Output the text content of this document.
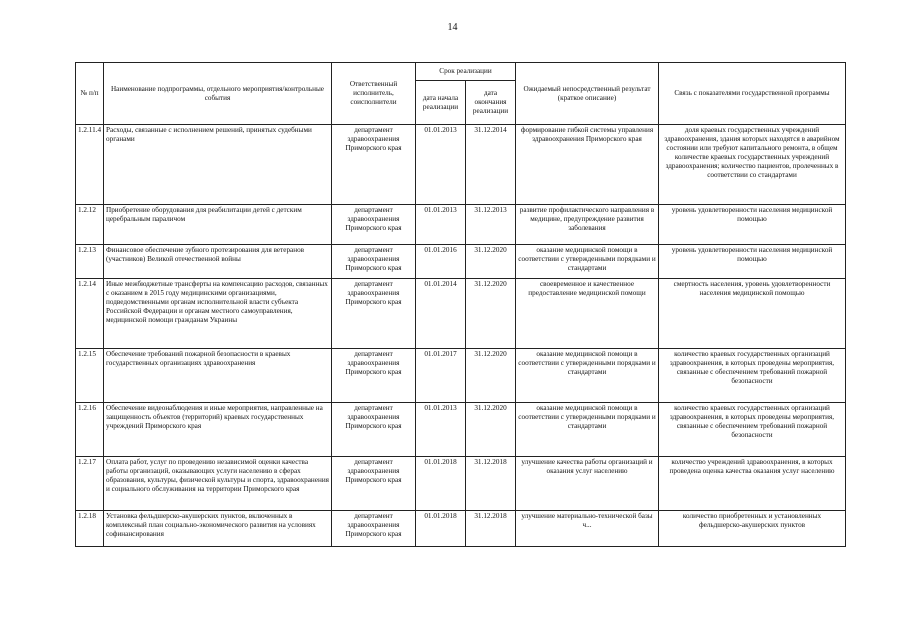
14
№ п/п	Наименование подпрограммы, отдельного мероприятия/контрольные события	Ответственный исполнитель, соисполнители	Срок реализации		Ожидаемый непосредственный результат (краткое описание)	Связь с показателями государственной программы
			дата начала реализации	дата окончания реализации		
1.2.11.4	Расходы, связанные с исполнением решений, принятых судебными органами	департамент здравоохранения Приморского края	01.01.2013	31.12.2014	формирование гибкой системы управления здравоохранения Приморского края	доля краевых государственных учреждений здравоохранения, здания которых находятся в аварийном состоянии или требуют капитального ремонта, в общем количестве краевых государственных учреждений здравоохранения; количество пациентов, пролеченных в соответствии со стандартами
1.2.12	Приобретение оборудования для реабилитации детей с детским церебральным параличом	департамент здравоохранения Приморского края	01.01.2013	31.12.2013	развитие профилактического направления в медицине, предупреждение развития заболевания	уровень удовлетворенности населения медицинской помощью
1.2.13	Финансовое обеспечение зубного протезирования для ветеранов (участников) Великой отечественной войны	департамент здравоохранения Приморского края	01.01.2016	31.12.2020	оказание медицинской помощи в соответствии с утвержденными порядками и стандартами	уровень удовлетворенности населения медицинской помощью
1.2.14	Иные межбюджетные трансферты на компенсацию расходов, связанных с оказанием в 2015 году медицинскими организациями, подведомственными органам исполнительной власти субъекта Российской Федерации и органам местного самоуправления, медицинской помощи гражданам Украины	департамент здравоохранения Приморского края	01.01.2014	31.12.2020	своевременное и качественное предоставление медицинской помощи	смертность населения, уровень удовлетворенности населения медицинской помощью
1.2.15	Обеспечение требований пожарной безопасности в краевых государственных организациях здравоохранения	департамент здравоохранения Приморского края	01.01.2017	31.12.2020	оказание медицинской помощи в соответствии с утвержденными порядками и стандартами	количество краевых государственных организаций здравоохранения, в которых проведены мероприятия, связанные с обеспечением требований пожарной безопасности
1.2.16	Обеспечение видеонаблюдения и иные мероприятия, направленные на защищенность объектов (территорий) краевых государственных учреждений Приморского края	департамент здравоохранения Приморского края	01.01.2013	31.12.2020	оказание медицинской помощи в соответствии с утвержденными порядками и стандартами	количество краевых государственных организаций здравоохранения, в которых проведены мероприятия, связанные с обеспечением требований пожарной безопасности
1.2.17	Оплата работ, услуг по проведению независимой оценки качества работы организаций, оказывающих услуги населению в сферах образования, культуры, физической культуры и спорта, здравоохранения и социального обслуживания на территории Приморского края	департамент здравоохранения Приморского края	01.01.2018	31.12.2018	улучшение качества работы организаций и оказания услуг населению	количество учреждений здравоохранения, в которых проведена оценка качества оказания услуг населению
1.2.18	Установка фельдшерско-акушерских пунктов, включенных в комплексный план социально-экономического развития на условиях софинансирования	департамент здравоохранения Приморского края	01.01.2018	31.12.2018	улучшение материально-технической базы ч...	количество приобретенных и установленных фельдшерско-акушерских пунктов
